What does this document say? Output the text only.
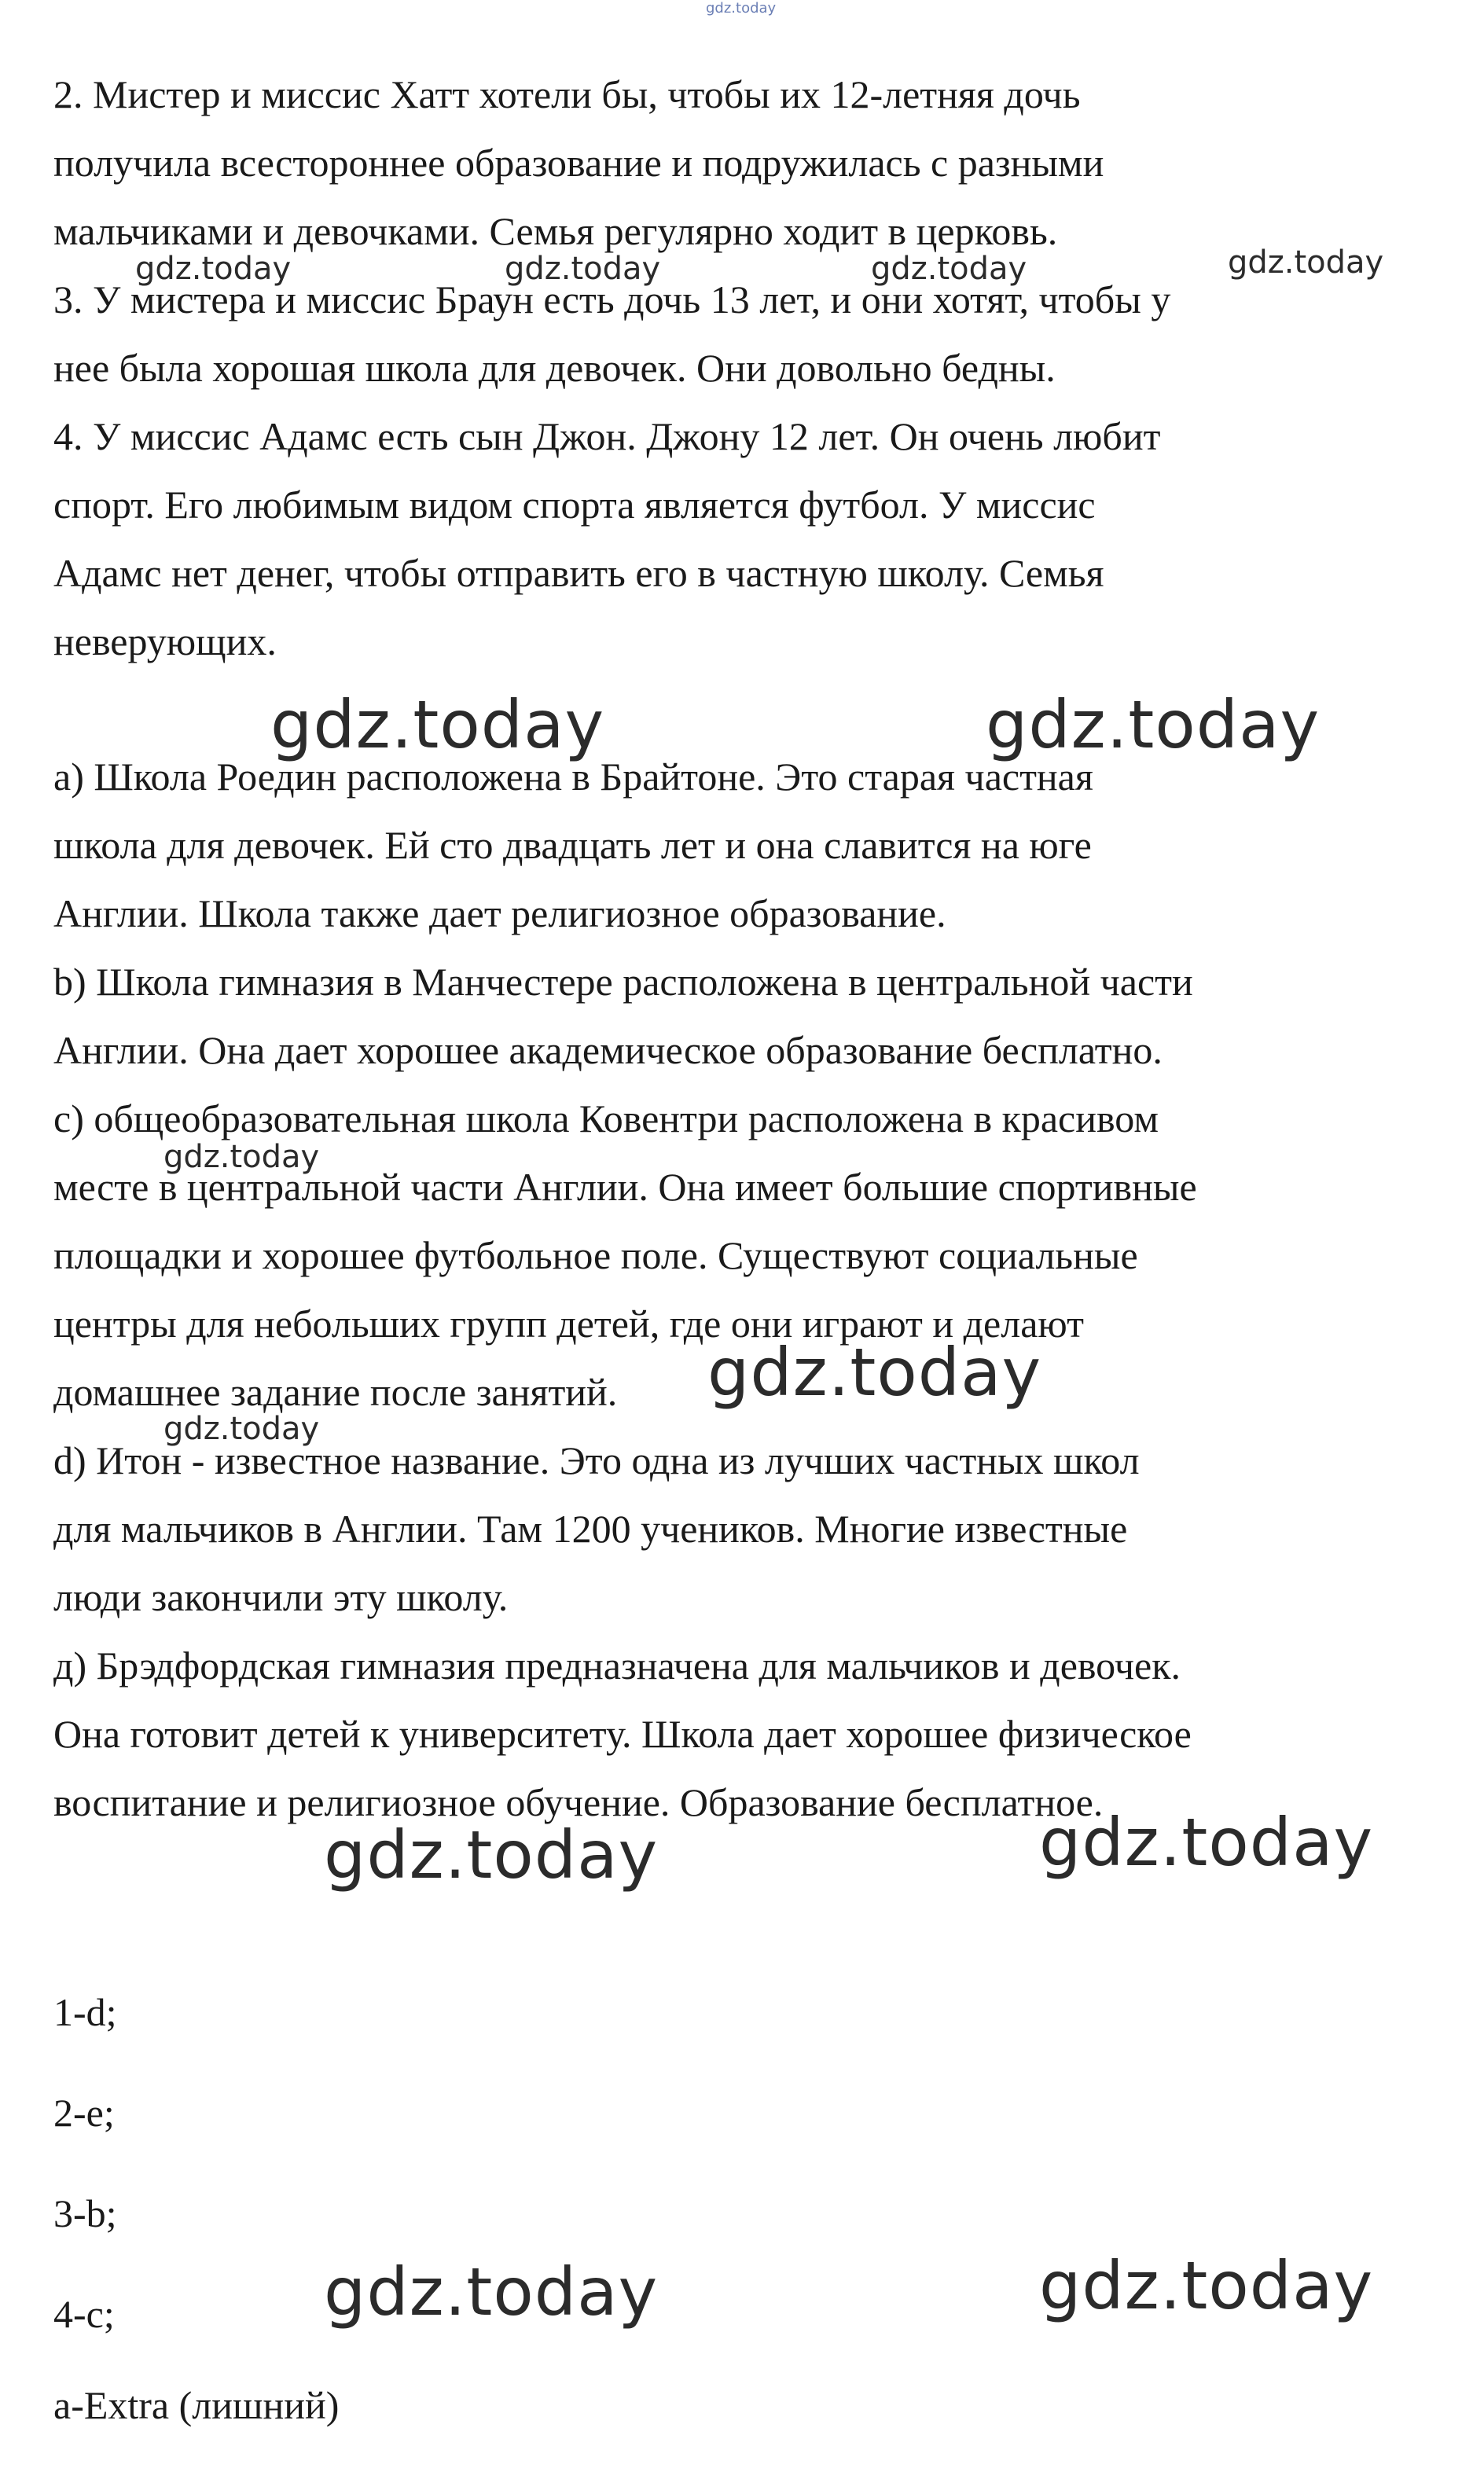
gdz.today
2. Мистер и миссис Хатт хотели бы, чтобы их 12-летняя дочь
получила всестороннее образование и подружилась с разными
мальчиками и девочками. Семья регулярно ходит в церковь.
3. У мистера и миссис Браун есть дочь 13 лет, и они хотят, чтобы у
нее была хорошая школа для девочек. Они довольно бедны.
4. У миссис Адамс есть сын Джон. Джону 12 лет. Он очень любит
спорт. Его любимым видом спорта является футбол. У миссис
Адамс нет денег, чтобы отправить его в частную школу. Семья
неверующих.
а) Школа Роедин расположена в Брайтоне. Это старая частная
школа для девочек. Ей сто двадцать лет и она славится на юге
Англии. Школа также дает религиозное образование.
b) Школа гимназия в Манчестере расположена в центральной части
Англии. Она дает хорошее академическое образование бесплатно.
с) общеобразовательная школа Ковентри расположена в красивом
месте в центральной части Англии. Она имеет большие спортивные
площадки и хорошее футбольное поле. Существуют социальные
центры для небольших групп детей, где они играют и делают
домашнее задание после занятий.
d) Итон - известное название. Это одна из лучших частных школ
для мальчиков в Англии. Там 1200 учеников. Многие известные
люди закончили эту школу.
д) Брэдфордская гимназия предназначена для мальчиков и девочек.
Она готовит детей к университету. Школа дает хорошее физическое
воспитание и религиозное обучение. Образование бесплатное.
1-d;
2-е;
3-b;
4-c;
a-Extra (лишний)
gdz.today	gdz.today	gdz.today	gdz.today
gdz.today
gdz.today
gdz.today	gdz.today
gdz.today
gdz.today	gdz.today
gdz.today	gdz.today
